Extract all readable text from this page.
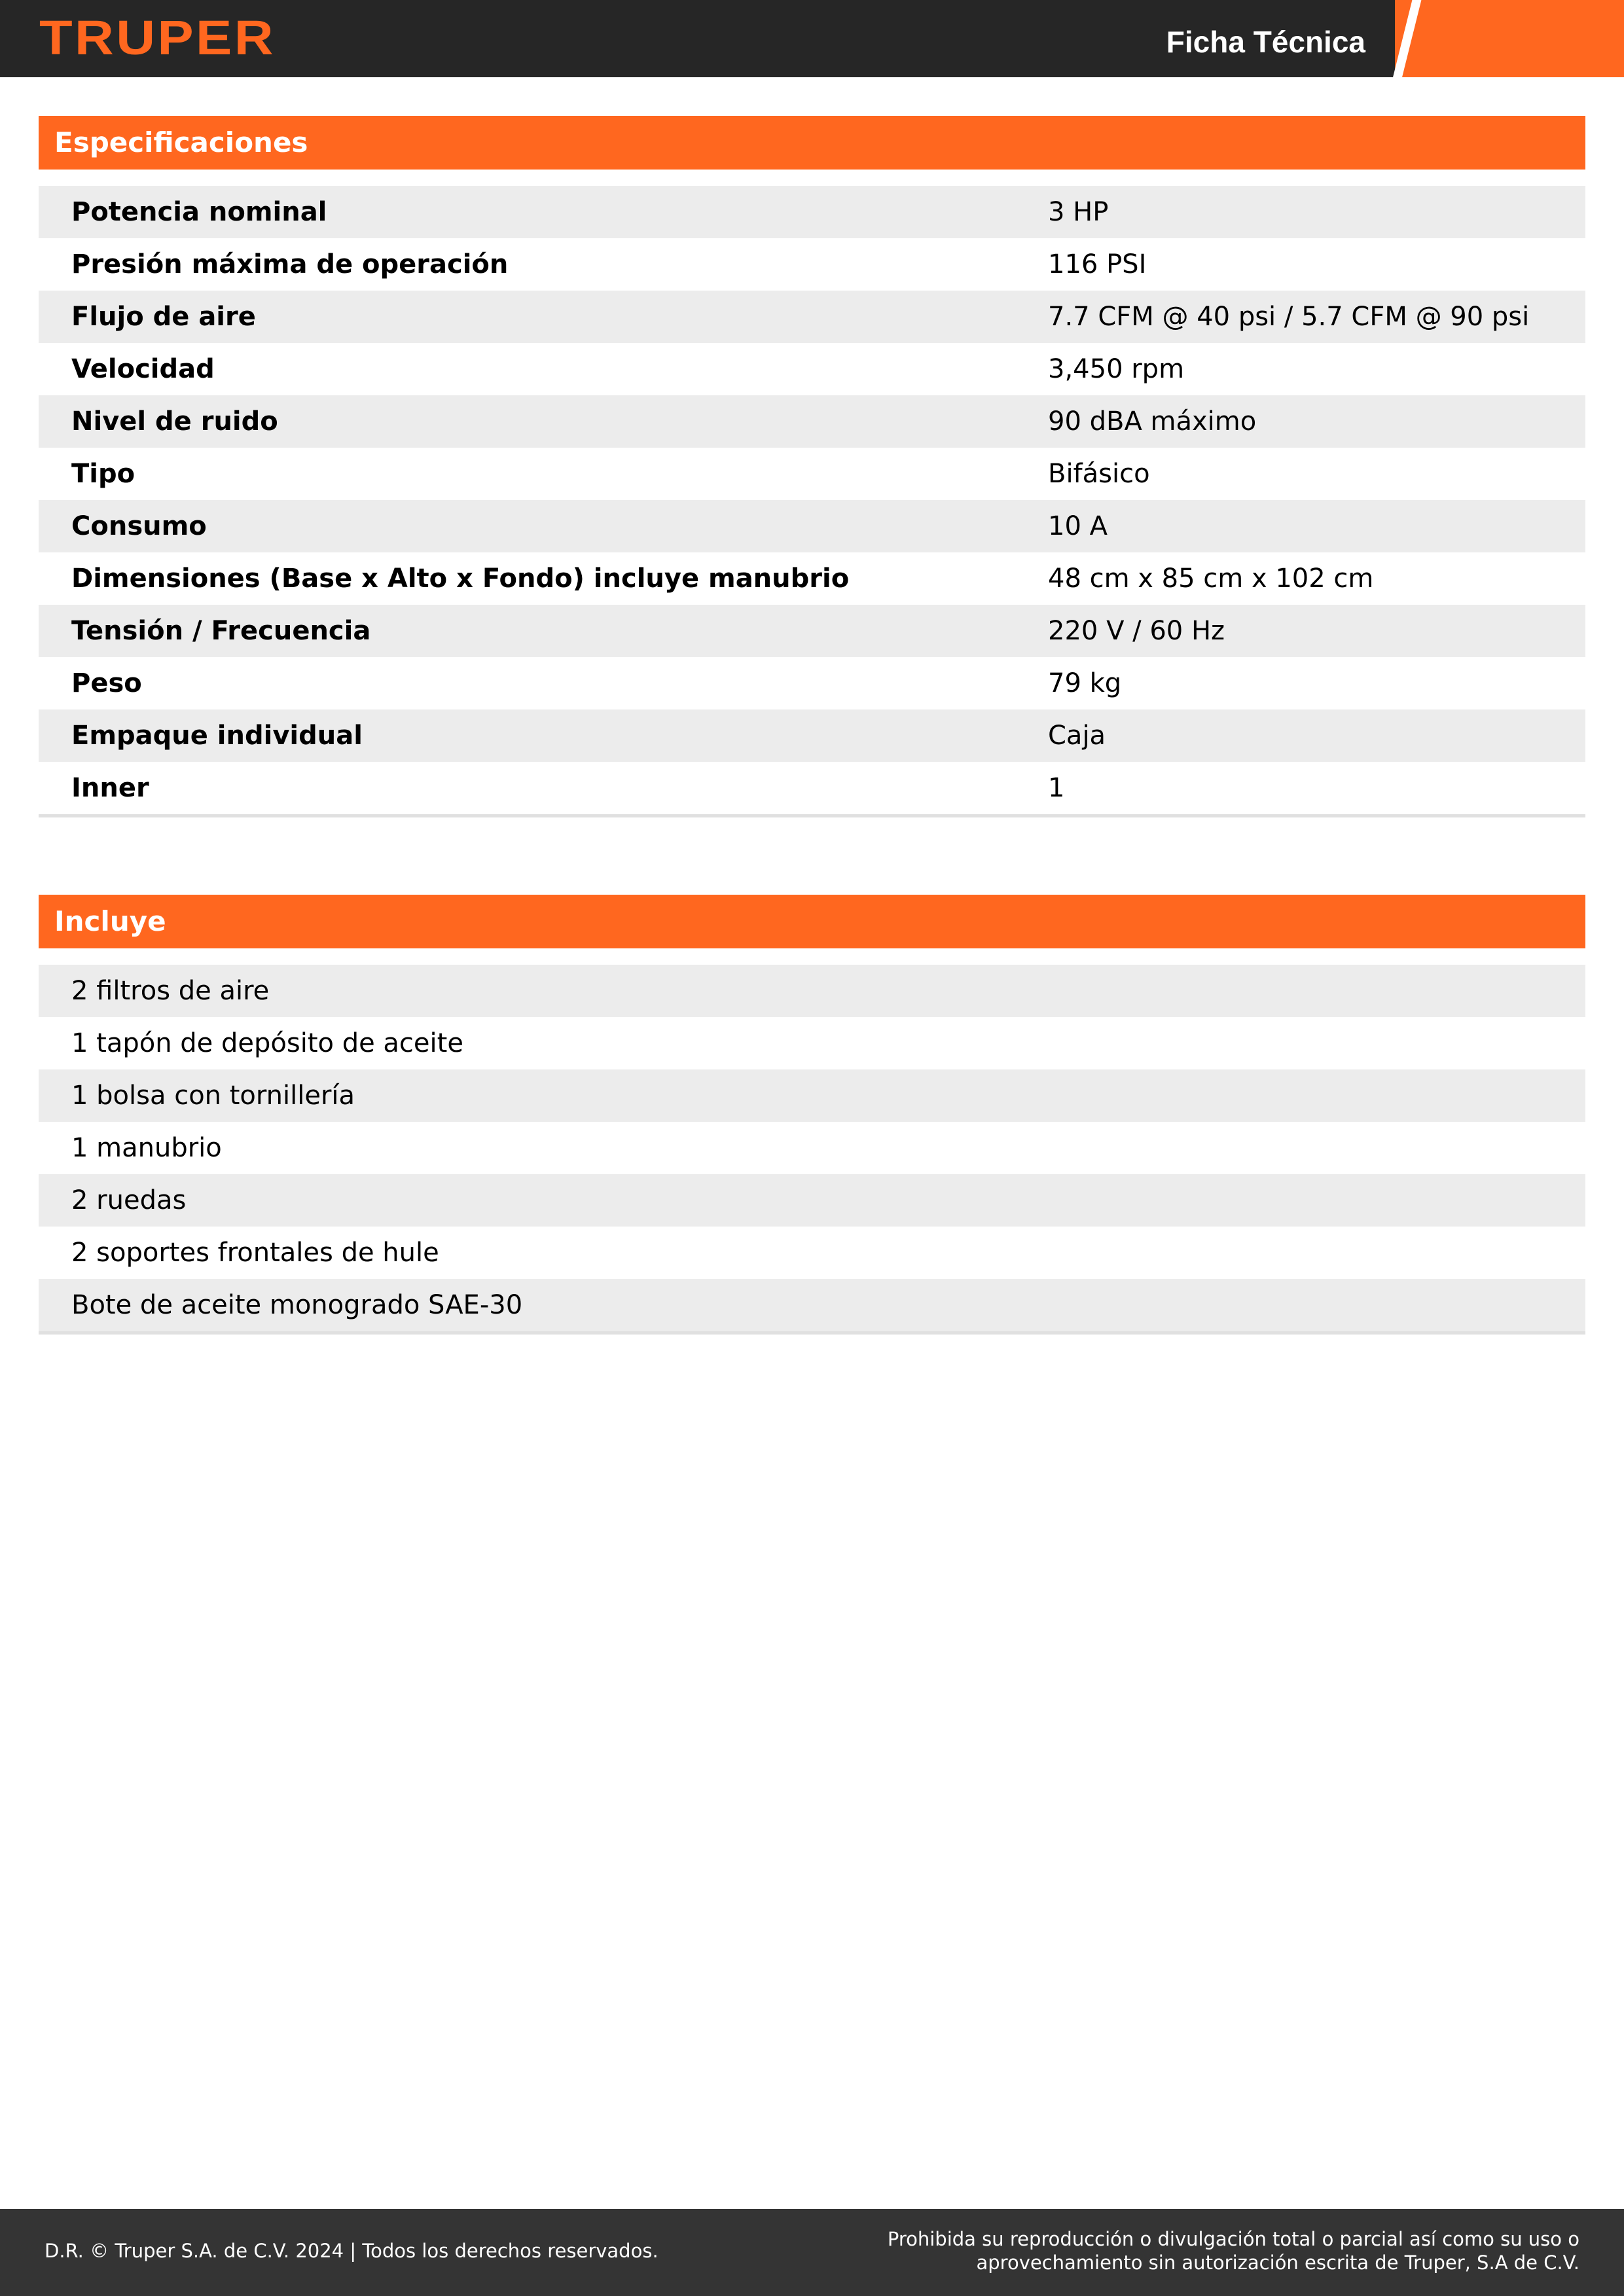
TRUPER	Ficha Técnica
Especificaciones
Potencia nominal	3 HP
Presión máxima de operación	116 PSI
Flujo de aire	7.7 CFM @ 40 psi / 5.7 CFM @ 90 psi
Velocidad	3,450 rpm
Nivel de ruido	90 dBA máximo
Tipo	Bifásico
Consumo	10 A
Dimensiones (Base x Alto x Fondo) incluye manubrio	48 cm x 85 cm x 102 cm
Tensión / Frecuencia	220 V / 60 Hz
Peso	79 kg
Empaque individual	Caja
Inner	1
Incluye
2 filtros de aire
1 tapón de depósito de aceite
1 bolsa con tornillería
1 manubrio
2 ruedas
2 soportes frontales de hule
Bote de aceite monogrado SAE-30
D.R. © Truper S.A. de C.V. 2024 | Todos los derechos reservados.
Prohibida su reproducción o divulgación total o parcial así como su uso o
aprovechamiento sin autorización escrita de Truper, S.A de C.V.
